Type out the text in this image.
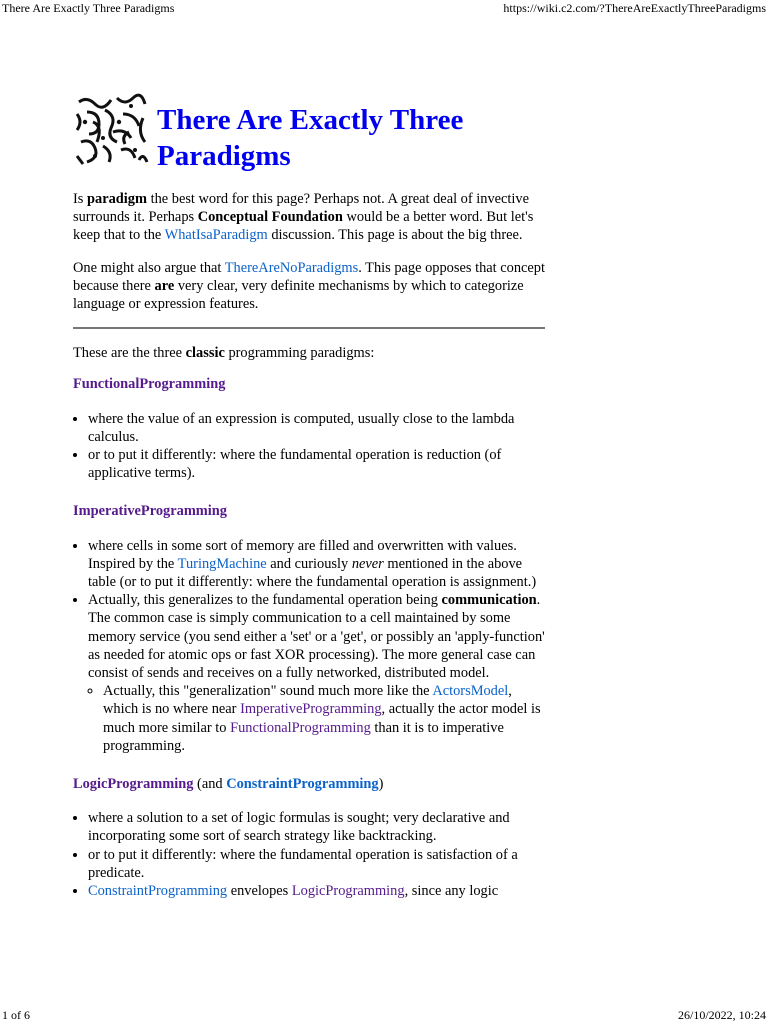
There Are Exactly Three Paradigms	https://wiki.c2.com/?ThereAreExactlyThreeParadigms
There Are Exactly Three Paradigms

Is paradigm the best word for this page? Perhaps not. A great deal of invective surrounds it. Perhaps Conceptual Foundation would be a better word. But let's keep that to the WhatIsaParadigm discussion. This page is about the big three.

One might also argue that ThereAreNoParadigms. This page opposes that concept because there are very clear, very definite mechanisms by which to categorize language or expression features.

These are the three classic programming paradigms:

FunctionalProgramming
• where the value of an expression is computed, usually close to the lambda calculus.
• or to put it differently: where the fundamental operation is reduction (of applicative terms).
ImperativeProgramming
• where cells in some sort of memory are filled and overwritten with values. Inspired by the TuringMachine and curiously never mentioned in the above table (or to put it differently: where the fundamental operation is assignment.)
• Actually, this generalizes to the fundamental operation being communication. The common case is simply communication to a cell maintained by some memory service (you send either a 'set' or a 'get', or possibly an 'apply-function' as needed for atomic ops or fast XOR processing). The more general case can consist of sends and receives on a fully networked, distributed model.
◦ Actually, this "generalization" sound much more like the ActorsModel, which is no where near ImperativeProgramming, actually the actor model is much more similar to FunctionalProgramming than it is to imperative programming.
LogicProgramming (and ConstraintProgramming)
• where a solution to a set of logic formulas is sought; very declarative and incorporating some sort of search strategy like backtracking.
• or to put it differently: where the fundamental operation is satisfaction of a predicate.
• ConstraintProgramming envelopes LogicProgramming, since any logic
1 of 6	26/10/2022, 10:24
